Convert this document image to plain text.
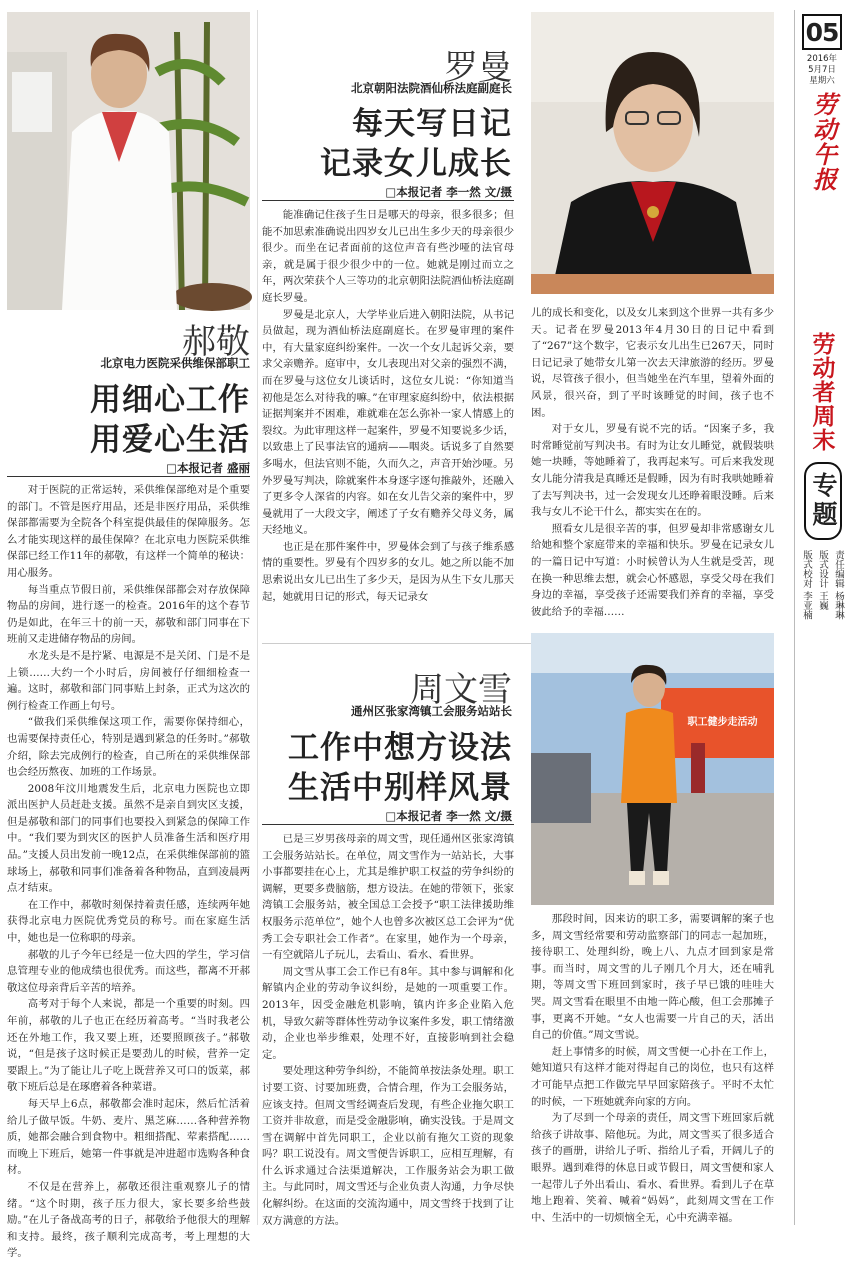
05
2016年
5月7日
星期六
劳动午报
劳动者周末
专题
责任编辑 杨琳琳
版式设计 王巍
版式校对 李亚楠
郝敬
北京电力医院采供维保部职工
用细心工作
用爱心生活
□本报记者 盛丽

对于医院的正常运转，采供维保部绝对是个重要的部门。不管是医疗用品，还是非医疗用品，采供维保部都需要为全院各个科室提供最佳的保障服务。怎么才能实现这样的最佳保障？在北京电力医院采供维保部已经工作11年的郝敬，有这样一个简单的秘诀：用心服务。

每当重点节假日前，采供维保部都会对存放保障物品的房间，进行逐一的检查。2016年的这个春节仍是如此，在年三十的前一天，郝敬和部门同事在下班前又走进储存物品的房间。

水龙头是不是拧紧、电源是不是关闭、门是不是上锁……大约一个小时后，房间被仔仔细细检查一遍。这时，郝敬和部门同事贴上封条，正式为这次的例行检查工作画上句号。

“做我们采供维保这项工作，需要你保持细心，也需要保持责任心，特别是遇到紧急的任务时。”郝敬介绍，除去完成例行的检查，自己所在的采供维保部也会经历熬夜、加班的工作场景。

2008年汶川地震发生后，北京电力医院也立即派出医护人员赶赴支援。虽然不是亲自到灾区支援，但是郝敬和部门的同事们也要投入到紧急的保障工作中。“我们要为到灾区的医护人员准备生活和医疗用品。”支援人员出发前一晚12点，在采供维保部前的篮球场上，郝敬和同事们准备着各种物品，直到凌晨两点才结束。

在工作中，郝敬时刻保持着责任感，连续两年她获得北京电力医院优秀党员的称号。而在家庭生活中，她也是一位称职的母亲。

郝敬的儿子今年已经是一位大四的学生，学习信息管理专业的他成绩也很优秀。而这些，都离不开郝敬这位母亲背后辛苦的培养。

高考对于每个人来说，都是一个重要的时刻。四年前，郝敬的儿子也正在经历着高考。“当时我老公还在外地工作，我又要上班，还要照顾孩子。”郝敬说，“但是孩子这时候正是要劲儿的时候，营养一定要跟上。”为了能让儿子吃上既营养又可口的饭菜，郝敬下班后总是在琢磨着各种菜谱。

每天早上6点，郝敬都会准时起床，然后忙活着给儿子做早饭。牛奶、麦片、黑芝麻……各种营养物质，她都会融合到食物中。粗细搭配、荤素搭配……而晚上下班后，她第一件事就是冲进超市选购各种食材。

不仅是在营养上，郝敬还很注重观察儿子的情绪。“这个时期，孩子压力很大，家长要多给些鼓励。”在儿子备战高考的日子，郝敬给予他很大的理解和支持。最终，孩子顺利完成高考，考上理想的大学。

罗曼
北京朝阳法院酒仙桥法庭副庭长
每天写日记
记录女儿成长
□本报记者 李一然 文/摄

能准确记住孩子生日是哪天的母亲，很多很多；但能不加思索准确说出四岁女儿已出生多少天的母亲很少很少。而坐在记者面前的这位声音有些沙哑的法官母亲，就是属于很少很少中的一位。她就是刚过而立之年，两次荣获个人三等功的北京朝阳法院酒仙桥法庭副庭长罗曼。

罗曼是北京人，大学毕业后进入朝阳法院，从书记员做起，现为酒仙桥法庭副庭长。在罗曼审理的案件中，有大量家庭纠纷案件。一次一个女儿起诉父亲，要求父亲赡养。庭审中，女儿表现出对父亲的强烈不满，而在罗曼与这位女儿谈话时，这位女儿说：“你知道当初他是怎么对待我的嘛。”在审理家庭纠纷中，依法根据证据判案并不困难，难就难在怎么弥补一家人情感上的裂纹。为此审理这样一起案件，罗曼不知要说多少话，以致患上了民事法官的通病——咽炎。话说多了自然要多喝水，但法官则不能，久而久之，声音开始沙哑。另外罗曼写判决，除就案件本身逐字逐句推敲外，还融入了更多令人深省的内容。如在女儿告父亲的案件中，罗曼就用了一大段文字，阐述了子女有赡养父母义务，属天经地义。

也正是在那件案件中，罗曼体会到了与孩子维系感情的重要性。罗曼有个四岁多的女儿。她之所以能不加思索说出女儿已出生了多少天，是因为从生下女儿那天起，她就用日记的形式，每天记录女

儿的成长和变化，以及女儿来到这个世界一共有多少天。记者在罗曼2013年4月30日的日记中看到了“267”这个数字，它表示女儿出生已267天，同时日记记录了她带女儿第一次去天津旅游的经历。罗曼说，尽管孩子很小，但当她坐在汽车里，望着外面的风景，很兴奋，到了平时该睡觉的时间，孩子也不困。

对于女儿，罗曼有说不完的话。“因案子多，我时常睡觉前写判决书。有时为让女儿睡觉，就假装哄她一块睡，等她睡着了，我再起来写。可后来我发现女儿能分清我是真睡还是假睡，因为有时我哄她睡着了去写判决书，过一会发现女儿还睁着眼没睡。后来我与女儿不论干什么，都实实在在的。

照看女儿是很辛苦的事，但罗曼却非常感谢女儿给她和整个家庭带来的幸福和快乐。罗曼在记录女儿的一篇日记中写道：小时候曾认为人生就是受苦，现在换一种思维去想，就会心怀感恩，享受父母在我们身边的幸福，享受孩子还需要我们养育的幸福，享受彼此给予的幸福……

周文雪
通州区张家湾镇工会服务站站长
工作中想方设法
生活中别样风景
□本报记者 李一然 文/摄
职工健步走活动

已是三岁男孩母亲的周文雪，现任通州区张家湾镇工会服务站站长。在单位，周文雪作为一站站长，大事小事都要挂在心上，尤其是维护职工权益的劳争纠纷的调解，更要多费脑筋，想方设法。在她的带领下，张家湾镇工会服务站，被全国总工会授予“职工法律援助维权服务示范单位”，她个人也曾多次被区总工会评为“优秀工会专职社会工作者”。在家里，她作为一个母亲，一有空就陪儿子玩儿，去看山、看水、看世界。

周文雪从事工会工作已有8年。其中参与调解和化解镇内企业的劳动争议纠纷，是她的一项重要工作。2013年，因受金融危机影响，镇内许多企业陷入危机，导致欠薪等群体性劳动争议案件多发，职工情绪激动，企业也举步维艰，处理不好，直接影响到社会稳定。

要处理这种劳争纠纷，不能简单按法条处理。职工讨要工资、讨要加班费，合情合理，作为工会服务站，应该支持。但周文雪经调查后发现，有些企业拖欠职工工资并非故意，而是受金融影响，确实没钱。于是周文雪在调解中首先同职工，企业以前有拖欠工资的现象吗？职工说没有。周文雪便告诉职工，应相互理解，有什么诉求通过合法渠道解决，工作服务站会为职工做主。与此同时，周文雪还与企业负责人沟通，力争尽快化解纠纷。在这面的交流沟通中，周文雪终于找到了让双方满意的方法。

那段时间，因来访的职工多，需要调解的案子也多，周文雪经常要和劳动监察部门的同志一起加班，接待职工、处理纠纷，晚上八、九点才回到家是常事。而当时，周文雪的儿子刚几个月大，还在哺乳期，等周文雪下班回到家时，孩子早已饿的哇哇大哭。周文雪看在眼里不由地一阵心酸，但工会那摊子事，更离不开她。“女人也需要一片自己的天，活出自己的价值。”周文雪说。

赶上事情多的时候，周文雪便一心扑在工作上，她知道只有这样才能对得起自己的岗位，也只有这样才可能早点把工作做完早早回家陪孩子。平时不太忙的时候，一下班她就奔向家的方向。

为了尽到一个母亲的责任，周文雪下班回家后就给孩子讲故事、陪他玩。为此，周文雪买了很多适合孩子的画册，讲给儿子听、指给儿子看，开阔儿子的眼界。遇到难得的休息日或节假日，周文雪便和家人一起带儿子外出看山、看水、看世界。看到儿子在草地上跑着、笑着、喊着“妈妈”，此刻周文雪在工作中、生活中的一切烦恼全无，心中充满幸福。
